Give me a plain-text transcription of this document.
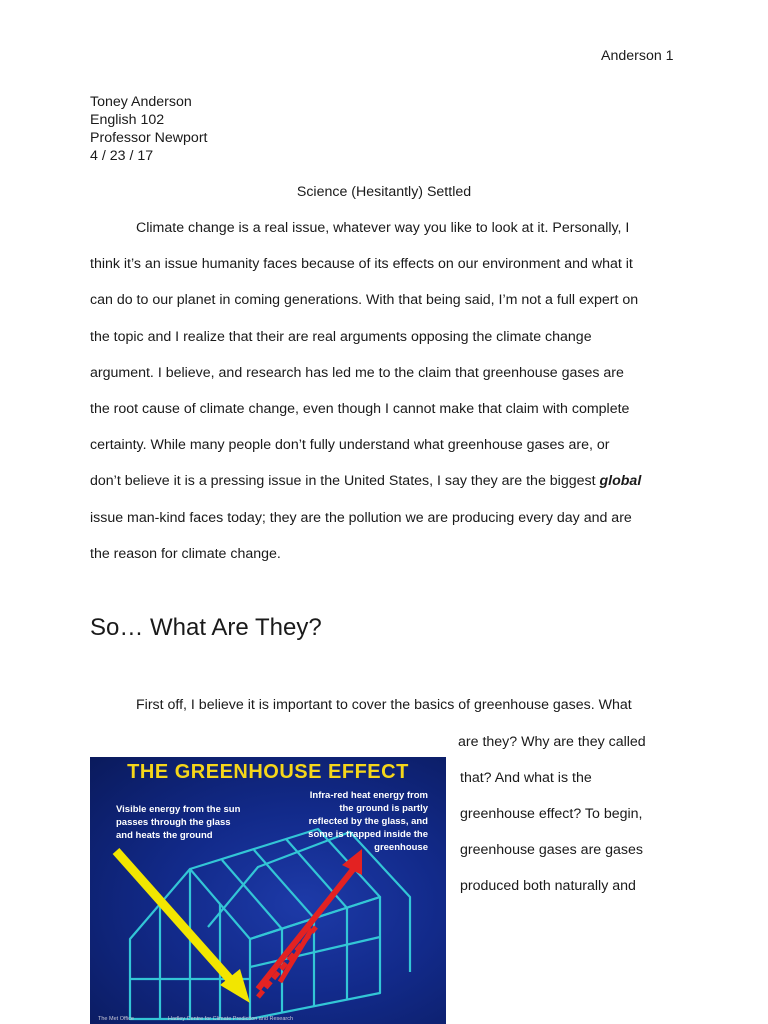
Anderson 1
Toney Anderson
English 102
Professor Newport
4 / 23 / 17
Science (Hesitantly) Settled
Climate change is a real issue, whatever way you like to look at it. Personally, I
think it’s an issue humanity faces because of its effects on our environment and what it
can do to our planet in coming generations. With that being said, I’m not a full expert on
the topic and I realize that their are real arguments opposing the climate change
argument. I believe, and research has led me to the claim that greenhouse gases are
the root cause of climate change, even though I cannot make that claim with complete
certainty. While many people don’t fully understand what greenhouse gases are, or
don’t believe it is a pressing issue in the United States, I say they are the biggest global
issue man-kind faces today; they are the pollution we are producing every day and are
the reason for climate change.
So… What Are They?
First off, I believe it is important to cover the basics of greenhouse gases. What
are they? Why are they called
that? And what is the
greenhouse effect? To begin,
greenhouse gases are gases
produced both naturally and
THE GREENHOUSE EFFECT
Visible energy from the sun
passes through the glass
and heats the ground
Infra-red heat energy from
the ground is partly
reflected by the glass, and
some is trapped inside the
greenhouse
The Met Office	Hadley Centre for Climate Prediction and Research
